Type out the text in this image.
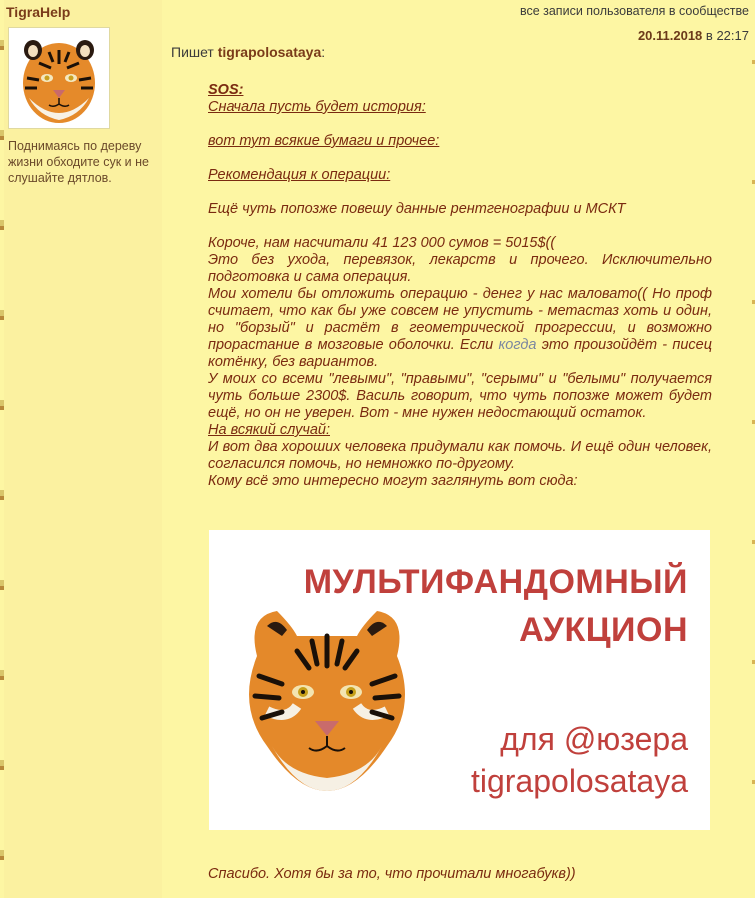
TigraHelp
Поднимаясь по дереву жизни обходите сук и не слушайте дятлов.
все записи пользователя в сообществе
20.11.2018 в 22:17
Пишет tigrapolosataya:

SOS:

Сначала пусть будет история:

вот тут всякие бумаги и прочее:

Рекомендация к операции:

Ещё чуть попозже повешу данные рентгенографии и МСКТ

Короче, нам насчитали 41 123 000 сумов = 5015$((

Это без ухода, перевязок, лекарств и прочего. Исключительно подготовка и сама операция.

Мои хотели бы отложить операцию - денег у нас маловато(( Но проф считает, что как бы уже совсем не упустить - метастаз хоть и один, но "борзый" и растёт в геометрической прогрессии, и возможно прорастание в мозговые оболочки. Если когда это произойдёт - писец котёнку, без вариантов.

У моих со всеми "левыми", "правыми", "серыми" и "белыми" получается чуть больше 2300$. Василь говорит, что чуть попозже может будет ещё, но он не уверен. Вот - мне нужен недостающий остаток.

На всякий случай:

И вот два хороших человека придумали как помочь. И ещё один человек, согласился помочь, но немножко по-другому.

Кому всё это интересно могут заглянуть вот сюда:

МУЛЬТИФАНДОМНЫЙ
АУКЦИОН
для @юзера
tigrapolosataya
Спасибо. Хотя бы за то, что прочитали многабукв))
